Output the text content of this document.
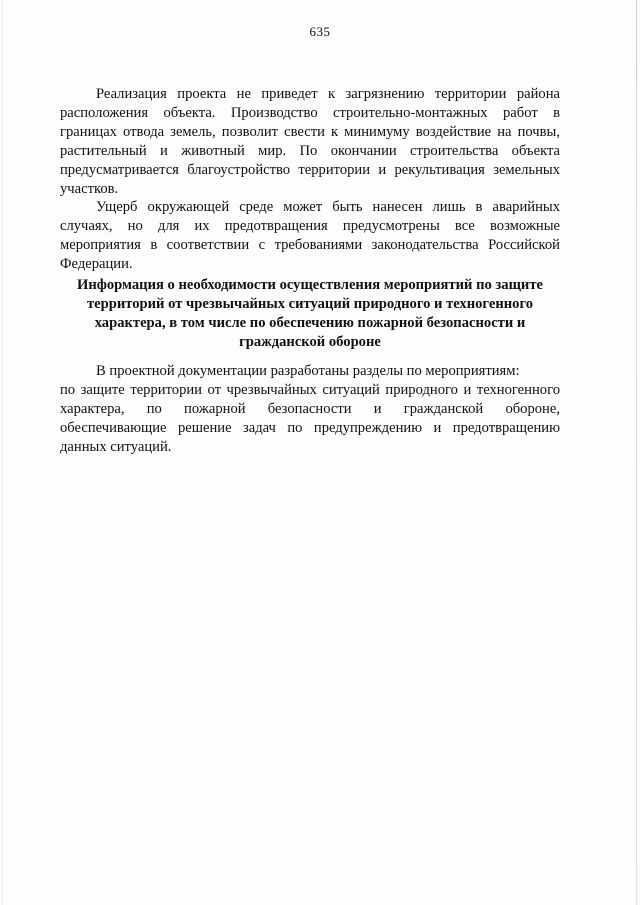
635

Реализация проекта не приведет к загрязнению территории района расположения объекта. Производство строительно-монтажных работ в границах отвода земель, позволит свести к минимуму воздействие на почвы, растительный и животный мир. По окончании строительства объекта предусматривается благоустройство территории и рекультивация земельных участков.

Ущерб окружающей среде может быть нанесен лишь в аварийных случаях, но для их предотвращения предусмотрены все возможные мероприятия в соответствии с требованиями законодательства Российской Федерации.

Информация о необходимости осуществления мероприятий по защите
территорий от чрезвычайных ситуаций природного и техногенного
характера, в том числе по обеспечению пожарной безопасности и
гражданской обороне
В проектной документации разработаны разделы по мероприятиям:
по защите территории от чрезвычайных ситуаций природного и техногенного
характера, по пожарной безопасности и гражданской обороне,
обеспечивающие решение задач по предупреждению и предотвращению
данных ситуаций.
